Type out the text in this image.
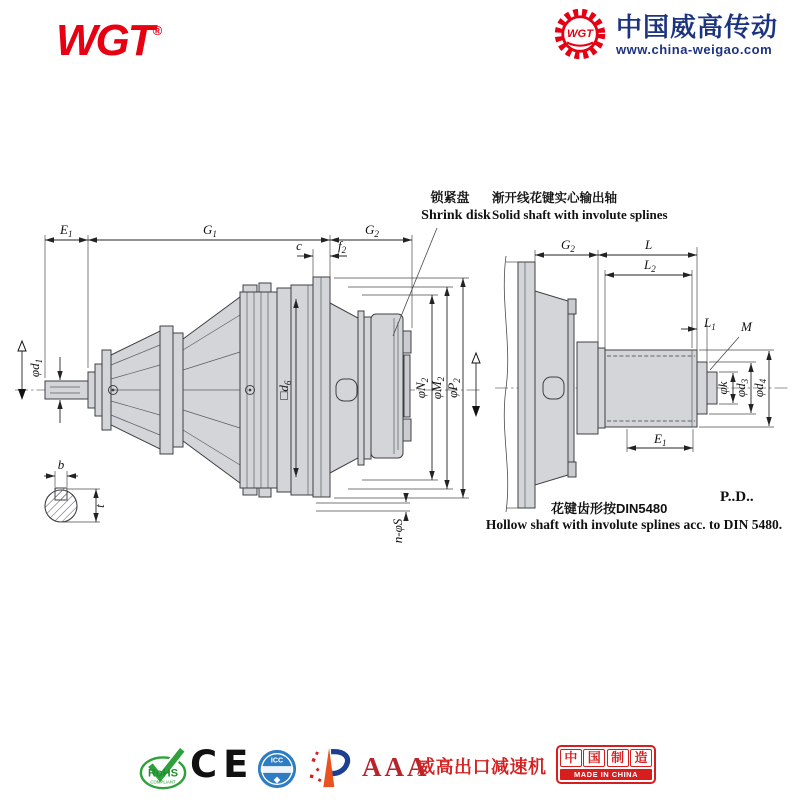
$E_1$	$G_1$	$G_2$
c	$f_2$
$\varphi d_1$
$□d_6$	$\varphi N_2$
$\varphi M_2$
$\varphi P_2$
n-φS
b
t
$G_2$	L
$L_2$
$L_1$ M
φk $\varphi d_3$
$\varphi d_4$
$E_1$
锁紧盘
Shrink disk
渐开线花键实心输出轴
Solid shaft with involute splines
P..D..
花键齿形按DIN5480
Hollow shaft with involute splines acc. to DIN 5480.
WGT®	WGT 中国威高传动
www.china-weigao.com
RoHS
COMPLIANT CE ICC	AAA
威高出口减速机	中 国 制 造
MADE IN CHINA
